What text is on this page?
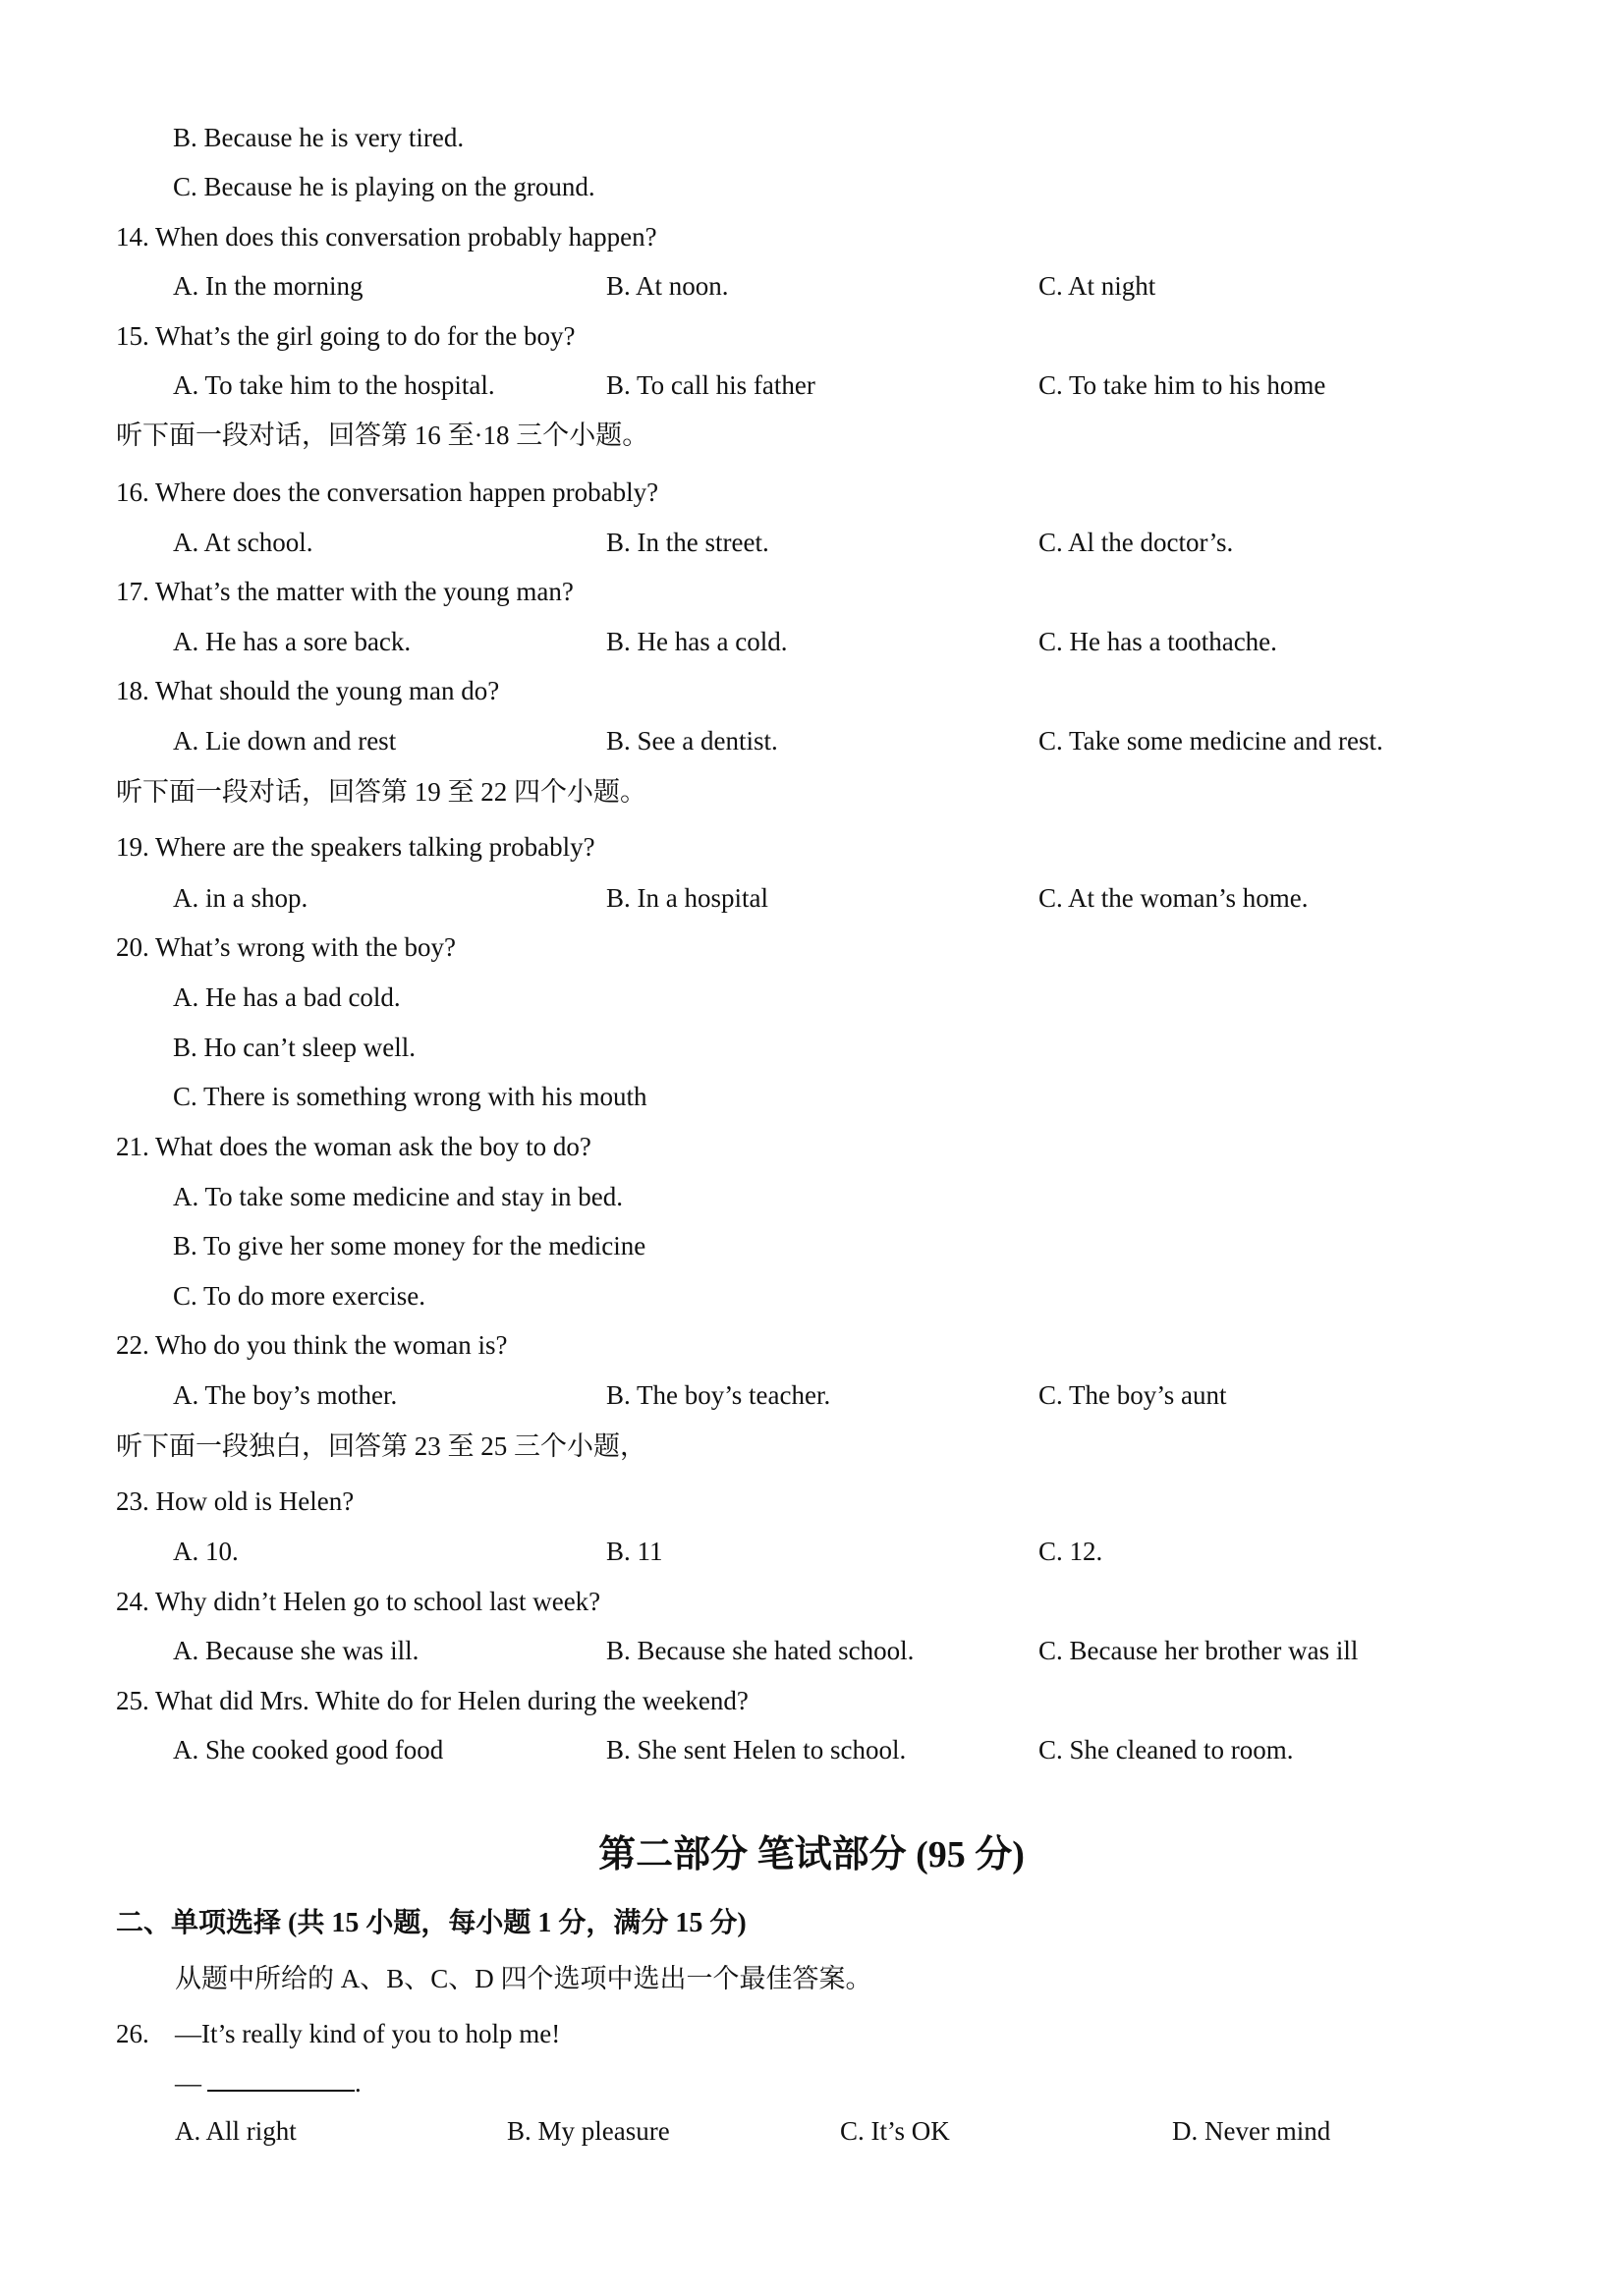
B. Because he is very tired.
C. Because he is playing on the ground.
14. When does this conversation probably happen?
A. In the morning	B. At noon.	C. At night
15. What’s the girl going to do for the boy?
A. To take him to the hospital.	B. To call his father	C. To take him to his home
听下面一段对话，回答第 16 至·18 三个小题。
16. Where does the conversation happen probably?
A. At school.	B. In the street.	C. Al the doctor’s.
17. What’s the matter with the young man?
A. He has a sore back.	B. He has a cold.	C. He has a toothache.
18. What should the young man do?
A. Lie down and rest	B. See a dentist.	C. Take some medicine and rest.
听下面一段对话，回答第 19 至 22 四个小题。
19. Where are the speakers talking probably?
A. in a shop.	B. In a hospital	C. At the woman’s home.
20. What’s wrong with the boy?
A. He has a bad cold.
B. Ho can’t sleep well.
C. There is something wrong with his mouth
21. What does the woman ask the boy to do?
A. To take some medicine and stay in bed.
B. To give her some money for the medicine
C. To do more exercise.
22. Who do you think the woman is?
A. The boy’s mother.	B. The boy’s teacher.	C. The boy’s aunt
听下面一段独白，回答第 23 至 25 三个小题，
23. How old is Helen?
A. 10.	B. 11	C. 12.
24. Why didn’t Helen go to school last week?
A. Because she was ill.	B. Because she hated school.	C. Because her brother was ill
25. What did Mrs. White do for Helen during the weekend?
A. She cooked good food	B. She sent Helen to school.	C. She cleaned to room.
第二部分 笔试部分 (95 分)
二、单项选择 (共 15 小题，每小题 1 分，满分 15 分)
从题中所给的 A、B、C、D 四个选项中选出一个最佳答案。
26. —It’s really kind of you to holp me!
—	.
A. All right	B. My pleasure	C. It’s OK	D. Never mind
